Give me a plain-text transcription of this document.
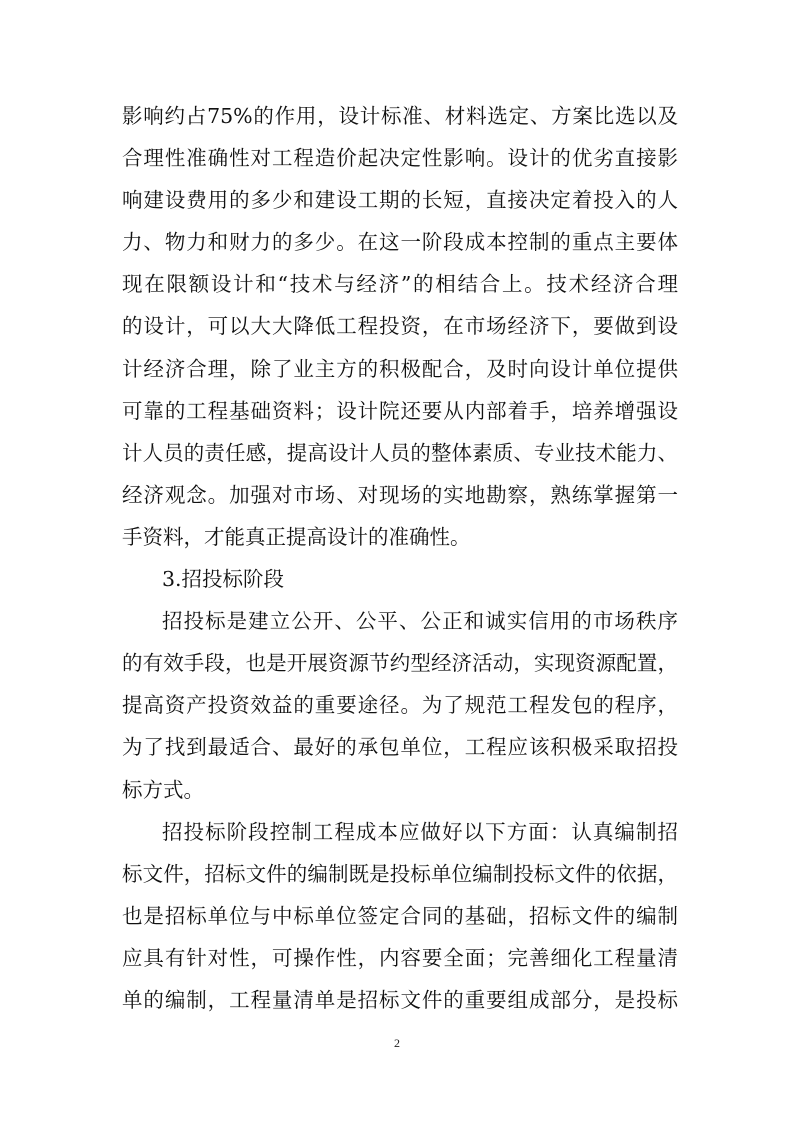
影响约占75%的作用，设计标准、材料选定、方案比选以及
合理性准确性对工程造价起决定性影响。设计的优劣直接影
响建设费用的多少和建设工期的长短，直接决定着投入的人
力、物力和财力的多少。在这一阶段成本控制的重点主要体
现在限额设计和“技术与经济”的相结合上。技术经济合理
的设计，可以大大降低工程投资，在市场经济下，要做到设
计经济合理，除了业主方的积极配合，及时向设计单位提供
可靠的工程基础资料；设计院还要从内部着手，培养增强设
计人员的责任感，提高设计人员的整体素质、专业技术能力、
经济观念。加强对市场、对现场的实地勘察，熟练掌握第一
手资料，才能真正提高设计的准确性。
3.招投标阶段
招投标是建立公开、公平、公正和诚实信用的市场秩序
的有效手段，也是开展资源节约型经济活动，实现资源配置，
提高资产投资效益的重要途径。为了规范工程发包的程序，
为了找到最适合、最好的承包单位，工程应该积极采取招投
标方式。
招投标阶段控制工程成本应做好以下方面：认真编制招
标文件，招标文件的编制既是投标单位编制投标文件的依据，
也是招标单位与中标单位签定合同的基础，招标文件的编制
应具有针对性，可操作性，内容要全面；完善细化工程量清
单的编制，工程量清单是招标文件的重要组成部分，是投标
2
